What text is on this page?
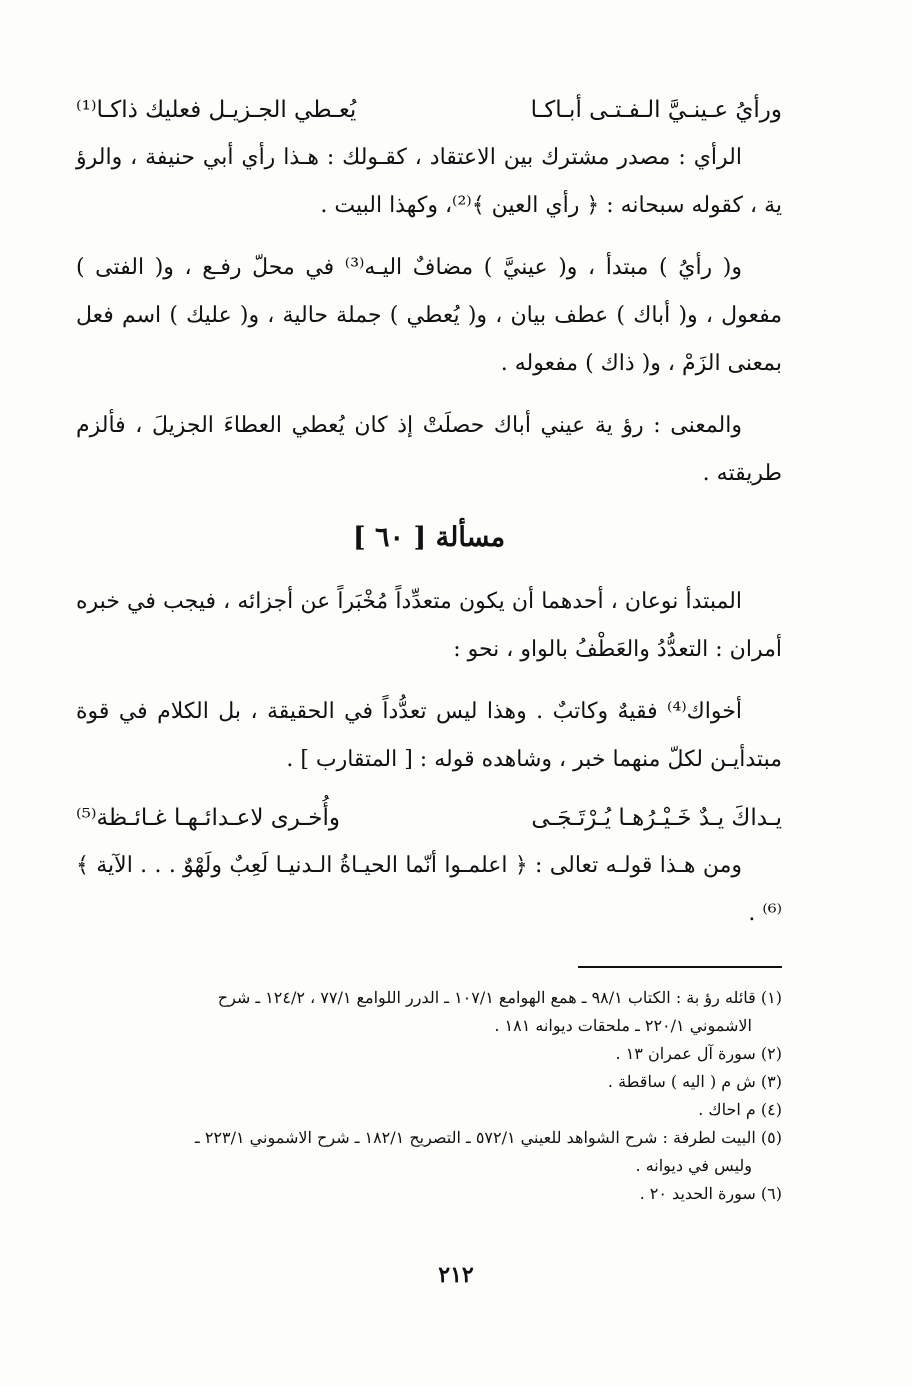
ورأيُ عـينـيَّ الـفـتـى أبـاكـا
يُعـطي الجـزيـل فعليك ذاكـا⁽¹⁾

الرأي : مصدر مشترك بين الاعتقاد ، كقـولك : هـذا رأي أبي حنيفة ، والرؤ ية ، كقوله سبحانه : ﴿ رأي العين ﴾⁽²⁾، وكهذا البيت .

و( رأيُ ) مبتدأ ، و( عينيَّ ) مضافٌ اليـه⁽³⁾ في محلّ رفـع ، و( الفتى ) مفعول ، و( أباك ) عطف بيان ، و( يُعطي ) جملة حالية ، و( عليك ) اسم فعل بمعنى الزَمْ ، و( ذاك ) مفعوله .

والمعنى : رؤ ية عيني أباك حصلَتْ إذ كان يُعطي العطاءَ الجزيلَ ، فألزم طريقته .

مسألة [ ٦٠ ]

المبتدأ نوعان ، أحدهما أن يكون متعدِّداً مُخْبَراً عن أجزائه ، فيجب في خبره أمران : التعدُّدُ والعَطْفُ بالواو ، نحو :

أخواك⁽⁴⁾ فقيهٌ وكاتبٌ . وهذا ليس تعدُّداً في الحقيقة ، بل الكلام في قوة مبتدأيـن لكلّ منهما خبر ، وشاهده قوله : [ المتقارب ] .

يـداكَ يـدٌ خَـيْـرُهـا يُـرْتَـجَـى
وأُخـرى لاعـدائـهـا غـائـظة⁽⁵⁾

ومن هـذا قولـه تعالى : ﴿ اعلمـوا أنّما الحيـاةُ الـدنيـا لَعِبٌ ولَهْوٌ . . . الآية ﴾⁽⁶⁾ .

(١) قائله رؤ بة : الكتاب ٩٨/١ ـ همع الهوامع ١٠٧/١ ـ الدرر اللوامع ٧٧/١ ، ١٢٤/٢ ـ شرح
الاشموني ٢٢٠/١ ـ ملحقات ديوانه ١٨١ .
(٢) سورة آل عمران ١٣ .
(٣) ش م ( اليه ) ساقطة .
(٤) م احاك .
(٥) البيت لطرفة : شرح الشواهد للعيني ٥٧٢/١ ـ التصريح ١٨٢/١ ـ شرح الاشموني ٢٢٣/١ ـ
وليس في ديوانه .
(٦) سورة الحديد ٢٠ .
٢١٢
